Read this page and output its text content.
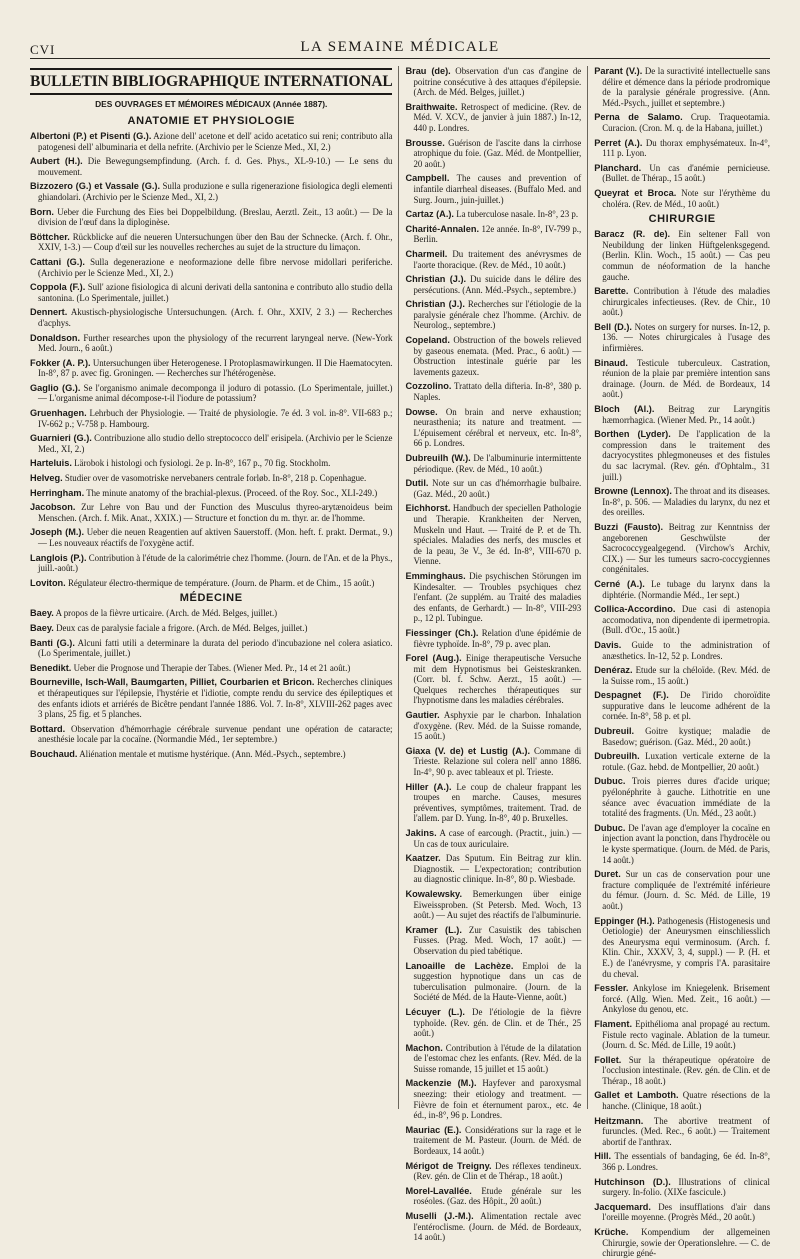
CVI	LA SEMAINE MÉDICALE
BULLETIN BIBLIOGRAPHIQUE INTERNATIONAL
DES OUVRAGES ET MÉMOIRES MÉDICAUX (Année 1887).
ANATOMIE ET PHYSIOLOGIE

Albertoni (P.) et Pisenti (G.). Azione dell' acetone et dell' acido acetatico sui reni; contributo alla patogenesi dell' albuminaria et della nefrite. (Archivio per le Scienze Med., XI, 2.)

Aubert (H.). Die Bewegungsempfindung. (Arch. f. d. Ges. Phys., XL-9-10.) — Le sens du mouvement.

Bizzozero (G.) et Vassale (G.). Sulla produzione e sulla rigenerazione fisiologica degli elementi ghiandolari. (Archivio per le Scienze Med., XI, 2.)

Born. Ueber die Furchung des Eies bei Doppelbildung. (Breslau, Aerztl. Zeit., 13 août.) — De la division de l'œuf dans la diploginèse.

Böttcher. Rückblicke auf die neueren Untersuchungen über den Bau der Schnecke. (Arch. f. Ohr., XXIV, 1-3.) — Coup d'œil sur les nouvelles recherches au sujet de la structure du limaçon.

Cattani (G.). Sulla degenerazione e neoformazione delle fibre nervose midollari periferiche. (Archivio per le Scienze Med., XI, 2.)

Coppola (F.). Sull' azione fisiologica di alcuni derivati della santonina e contributo allo studio della santonina. (Lo Sperimentale, juillet.)

Dennert. Akustisch-physiologische Untersuchungen. (Arch. f. Ohr., XXIV, 2 3.) — Recherches d'acphys.

Donaldson. Further researches upon the physiology of the recurrent laryngeal nerve. (New-York Med. Journ., 6 août.)

Fokker (A. P.). Untersuchungen über Heterogenese. I Protoplasmawirkungen. II Die Haematocyten. In-8°, 87 p. avec fig. Groningen. — Recherches sur l'hétérogenèse.

Gaglio (G.). Se l'organismo animale decomponga il joduro di potassio. (Lo Sperimentale, juillet.) — L'organisme animal décompose-t-il l'iodure de potassium?

Gruenhagen. Lehrbuch der Physiologie. — Traité de physiologie. 7e éd. 3 vol. in-8°. VII-683 p.; IV-662 p.; V-758 p. Hambourg.

Guarnieri (G.). Contribuzione allo studio dello streptococco dell' erisipela. (Archivio per le Scienze Med., XI, 2.)

Harteluis. Lärobok i histologi och fysiologi. 2e p. In-8°, 167 p., 70 fig. Stockholm.

Helveg. Studier over de vasomotriske nervebaners centrale forløb. In-8°, 218 p. Copenhague.

Herringham. The minute anatomy of the brachial-plexus. (Proceed. of the Roy. Soc., XLI-249.)

Jacobson. Zur Lehre von Bau und der Function des Musculus thyreo-arytænoideus beim Menschen. (Arch. f. Mik. Anat., XXIX.) — Structure et fonction du m. thyr. ar. de l'homme.

Joseph (M.). Ueber die neuen Reagentien auf aktiven Sauerstoff. (Mon. heft. f. prakt. Dermat., 9.) — Les nouveaux réactifs de l'oxygène actif.

Langlois (P.). Contribution à l'étude de la calorimétrie chez l'homme. (Journ. de l'An. et de la Phys., juill.-août.)

Loviton. Régulateur électro-thermique de température. (Journ. de Pharm. et de Chim., 15 août.)

MÉDECINE

Baey. A propos de la fièvre urticaire. (Arch. de Méd. Belges, juillet.)

Baey. Deux cas de paralysie faciale a frigore. (Arch. de Méd. Belges, juillet.)

Banti (G.). Alcuni fatti utili a determinare la durata del periodo d'incubazione nel colera asiatico. (Lo Sperimentale, juillet.)

Benedikt. Ueber die Prognose und Therapie der Tabes. (Wiener Med. Pr., 14 et 21 août.)

Bourneville, Isch-Wall, Baumgarten, Pilliet, Courbarien et Bricon. Recherches cliniques et thérapeutiques sur l'épilepsie, l'hystérie et l'idiotie, compte rendu du service des épileptiques et des enfants idiots et arriérés de Bicêtre pendant l'année 1886. Vol. 7. In-8°, XLVIII-262 pages avec 3 plans, 25 fig. et 5 planches.

Bottard. Observation d'hémorrhagie cérébrale survenue pendant une opération de cataracte; anesthésie locale par la cocaïne. (Normandie Méd., 1er septembre.)

Bouchaud. Aliénation mentale et mutisme hystérique. (Ann. Méd.-Psych., septembre.)

Brau (de). Observation d'un cas d'angine de poitrine consécutive à des attaques d'épilepsie. (Arch. de Méd. Belges, juillet.)

Braithwaite. Retrospect of medicine. (Rev. de Méd. V. XCV., de janvier à juin 1887.) In-12, 440 p. Londres.

Brousse. Guérison de l'ascite dans la cirrhose atrophique du foie. (Gaz. Méd. de Montpellier, 20 août.)

Campbell. The causes and prevention of infantile diarrheal diseases. (Buffalo Med. and Surg. Journ., juin-juillet.)

Cartaz (A.). La tuberculose nasale. In-8°, 23 p.

Charité-Annalen. 12e année. In-8°, IV-799 p., Berlin.

Charmeil. Du traitement des anévrysmes de l'aorte thoracique. (Rev. de Méd., 10 août.)

Christian (J.). Du suicide dans le délire des persécutions. (Ann. Méd.-Psych., septembre.)

Christian (J.). Recherches sur l'étiologie de la paralysie générale chez l'homme. (Archiv. de Neurolog., septembre.)

Copeland. Obstruction of the bowels relieved by gaseous enemata. (Med. Prac., 6 août.) — Obstruction intestinale guérie par les lavements gazeux.

Cozzolino. Trattato della difteria. In-8°, 380 p. Naples.

Dowse. On brain and nerve exhaustion; neurasthenia; its nature and treatment. — L'épuisement cérébral et nerveux, etc. In-8°, 66 p. Londres.

Dubreuilh (W.). De l'albuminurie intermittente périodique. (Rev. de Méd., 10 août.)

Dutil. Note sur un cas d'hémorrhagie bulbaire. (Gaz. Méd., 20 août.)

Eichhorst. Handbuch der speciellen Pathologie und Therapie. Krankheiten der Nerven, Muskeln und Haut. — Traité de P. et de Th. spéciales. Maladies des nerfs, des muscles et de la peau, 3e V., 3e éd. In-8°, VIII-670 p. Vienne.

Emminghaus. Die psychischen Störungen im Kindesalter. — Troubles psychiques chez l'enfant. (2e supplém. au Traité des maladies des enfants, de Gerhardt.) — In-8°, VIII-293 p., 12 pl. Tubingue.

Fiessinger (Ch.). Relation d'une épidémie de fièvre typhoïde. In-8°, 79 p. avec plan.

Forel (Aug.). Einige therapeutische Versuche mit dem Hypnotismus bei Geisteskranken. (Corr. bl. f. Schw. Aerzt., 15 août.) — Quelques recherches thérapeutiques sur l'hypnotisme dans les maladies cérébrales.

Gautier. Asphyxie par le charbon. Inhalation d'oxygène. (Rev. Méd. de la Suisse romande, 15 août.)

Giaxa (V. de) et Lustig (A.). Commane di Trieste. Relazione sul colera nell' anno 1886. In-4°, 90 p. avec tableaux et pl. Trieste.

Hiller (A.). Le coup de chaleur frappant les troupes en marche. Causes, mesures préventives, symptômes, traitement. Trad. de l'allem. par D. Yung. In-8°, 40 p. Bruxelles.

Jakins. A case of earcough. (Practit., juin.) — Un cas de toux auriculaire.

Kaatzer. Das Sputum. Ein Beitrag zur klin. Diagnostik. — L'expectoration; contribution au diagnostic clinique. In-8°, 80 p. Wiesbade.

Kowalewsky. Bemerkungen über einige Eiweissproben. (St Petersb. Med. Woch, 13 août.) — Au sujet des réactifs de l'albuminurie.

Kramer (L.). Zur Casuistik des tabischen Fusses. (Prag. Med. Woch, 17 août.) — Observation du pied tabétique.

Lanoaille de Lachèze. Emploi de la suggestion hypnotique dans un cas de tuberculisation pulmonaire. (Journ. de la Société de Méd. de la Haute-Vienne, août.)

Lécuyer (L.). De l'étiologie de la fièvre typhoïde. (Rev. gén. de Clin. et de Thér., 25 août.)

Machon. Contribution à l'étude de la dilatation de l'estomac chez les enfants. (Rev. Méd. de la Suisse romande, 15 juillet et 15 août.)

Mackenzie (M.). Hayfever and paroxysmal sneezing: their etiology and treatment. — Fièvre de foin et éternument parox., etc. 4e éd., in-8°, 96 p. Londres.

Mauriac (E.). Considérations sur la rage et le traitement de M. Pasteur. (Journ. de Méd. de Bordeaux, 14 août.)

Mérigot de Treigny. Des réflexes tendineux. (Rev. gén. de Clin et de Thérap., 18 août.)

Morel-Lavallée. Etude générale sur les roséoles. (Gaz. des Hôpit., 20 août.)

Muselli (J.-M.). Alimentation rectale avec l'entéroclisme. (Journ. de Méd. de Bordeaux, 14 août.)

Parant (V.). De la suractivité intellectuelle sans délire et démence dans la période prodromique de la paralysie générale progressive. (Ann. Méd.-Psych., juillet et septembre.)

Perna de Salamo. Crup. Traqueotamia. Curacion. (Cron. M. q. de la Habana, juillet.)

Perret (A.). Du thorax emphysémateux. In-4°, 111 p. Lyon.

Planchard. Un cas d'anémie pernicieuse. (Bullet. de Thérap., 15 août.)

Queyrat et Broca. Note sur l'érythème du choléra. (Rev. de Méd., 10 août.)

CHIRURGIE

Baracz (R. de). Ein seltener Fall von Neubildung der linken Hüftgelenksgegend. (Berlin. Klin. Woch., 15 août.) — Cas peu commun de néoformation de la hanche gauche.

Barette. Contribution à l'étude des maladies chirurgicales infectieuses. (Rev. de Chir., 10 août.)

Bell (D.). Notes on surgery for nurses. In-12, p. 136. — Notes chirurgicales à l'usage des infirmières.

Binaud. Testicule tuberculeux. Castration, réunion de la plaie par première intention sans drainage. (Journ. de Méd. de Bordeaux, 14 août.)

Bloch (Al.). Beitrag zur Laryngitis hæmorrhagica. (Wiener Med. Pr., 14 août.)

Borthen (Lyder). De l'application de la compression dans le traitement des dacryocystites phlegmoneuses et des fistules du sac lacrymal. (Rev. gén. d'Ophtalm., 31 juill.)

Browne (Lennox). The throat and its diseases. In-8°, p. 506. — Maladies du larynx, du nez et des oreilles.

Buzzi (Fausto). Beitrag zur Kenntniss der angeborenen Geschwülste der Sacrococcygealgegend. (Virchow's Archiv, CIX.) — Sur les tumeurs sacro-coccygiennes congénitales.

Cerné (A.). Le tubage du larynx dans la diphtérie. (Normandie Méd., 1er sept.)

Collica-Accordino. Due casi di astenopia accomodativa, non dipendente di ipermetropia. (Bull. d'Oc., 15 août.)

Davis. Guide to the administration of anæsthetics. In-12, 52 p. Londres.

Denéraz. Etude sur la chéloïde. (Rev. Méd. de la Suisse rom., 15 août.)

Despagnet (F.). De l'irido choroïdite suppurative dans le leucome adhérent de la cornée. In-8°, 58 p. et pl.

Dubreuil. Goitre kystique; maladie de Basedow; guérison. (Gaz. Méd., 20 août.)

Dubreuilh. Luxation verticale externe de la rotule. (Gaz. hebd. de Montpellier, 20 août.)

Dubuc. Trois pierres dures d'acide urique; pyélonéphrite à gauche. Lithotritie en une séance avec évacuation immédiate de la totalité des fragments. (Un. Méd., 23 août.)

Dubuc. De l'avan age d'employer la cocaïne en injection avant la ponction, dans l'hydrocèle ou le kyste spermatique. (Journ. de Méd. de Paris, 14 août.)

Duret. Sur un cas de conservation pour une fracture compliquée de l'extrémité inférieure du fémur. (Journ. d. Sc. Méd. de Lille, 19 août.)

Eppinger (H.). Pathogenesis (Histogenesis und Oetiologie) der Aneurysmen einschliesslich des Aneurysma equi verminosum. (Arch. f. Klin. Chir., XXXV, 3, 4, suppl.) — P. (H. et E.) de l'anévrysme, y compris l'A. parasitaire du cheval.

Fessler. Ankylose im Kniegelenk. Brisement forcé. (Allg. Wien. Med. Zeit., 16 août.) — Ankylose du genou, etc.

Flament. Epithélioma anal propagé au rectum. Fistule recto vaginale. Ablation de la tumeur. (Journ. d. Sc. Méd. de Lille, 19 août.)

Follet. Sur la thérapeutique opératoire de l'occlusion intestinale. (Rev. gén. de Clin. et de Thérap., 18 août.)

Gallet et Lamboth. Quatre résections de la hanche. (Clinique, 18 août.)

Heitzmann. The abortive treatment of furuncles. (Med. Rec., 6 août.) — Traitement abortif de l'anthrax.

Hill. The essentials of bandaging, 6e éd. In-8°, 366 p. Londres.

Hutchinson (D.). Illustrations of clinical surgery. In-folio. (XIXe fascicule.)

Jacquemard. Des insufflations d'air dans l'oreille moyenne. (Progrès Méd., 20 août.)

Krüche. Kompendium der allgemeinen Chirurgie, sowie der Operationslehre. — C. de chirurgie géné-
